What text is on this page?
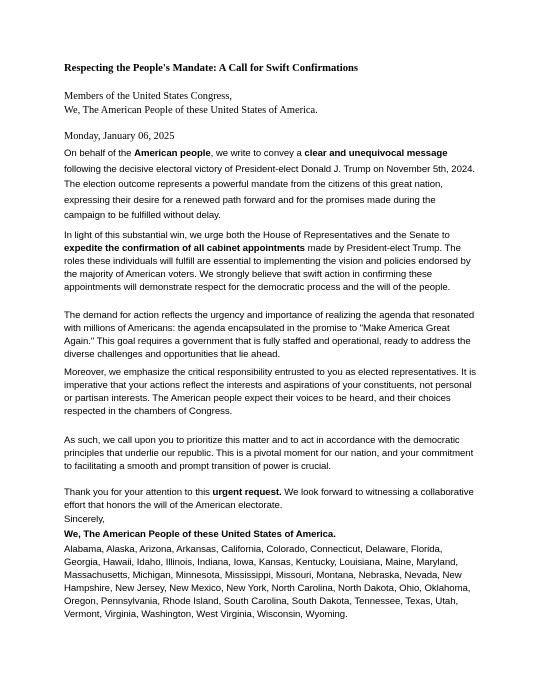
Respecting the People's Mandate: A Call for Swift Confirmations
Members of the United States Congress,
We, The American People of these United States of America.
Monday, January 06, 2025

On behalf of the American people, we write to convey a clear and unequivocal message following the decisive electoral victory of President-elect Donald J. Trump on November 5th, 2024. The election outcome represents a powerful mandate from the citizens of this great nation, expressing their desire for a renewed path forward and for the promises made during the campaign to be fulfilled without delay.

In light of this substantial win, we urge both the House of Representatives and the Senate to expedite the confirmation of all cabinet appointments made by President-elect Trump. The roles these individuals will fulfill are essential to implementing the vision and policies endorsed by the majority of American voters. We strongly believe that swift action in confirming these appointments will demonstrate respect for the democratic process and the will of the people.

The demand for action reflects the urgency and importance of realizing the agenda that resonated with millions of Americans: the agenda encapsulated in the promise to "Make America Great Again." This goal requires a government that is fully staffed and operational, ready to address the diverse challenges and opportunities that lie ahead.

Moreover, we emphasize the critical responsibility entrusted to you as elected representatives. It is imperative that your actions reflect the interests and aspirations of your constituents, not personal or partisan interests. The American people expect their voices to be heard, and their choices respected in the chambers of Congress.

As such, we call upon you to prioritize this matter and to act in accordance with the democratic principles that underlie our republic. This is a pivotal moment for our nation, and your commitment to facilitating a smooth and prompt transition of power is crucial.

Thank you for your attention to this urgent request. We look forward to witnessing a collaborative effort that honors the will of the American electorate.

Sincerely,

We, The American People of these United States of America.

Alabama, Alaska, Arizona, Arkansas, California, Colorado, Connecticut, Delaware, Florida, Georgia, Hawaii, Idaho, Illinois, Indiana, Iowa, Kansas, Kentucky, Louisiana, Maine, Maryland, Massachusetts, Michigan, Minnesota, Mississippi, Missouri, Montana, Nebraska, Nevada, New Hampshire, New Jersey, New Mexico, New York, North Carolina, North Dakota, Ohio, Oklahoma, Oregon, Pennsylvania, Rhode Island, South Carolina, South Dakota, Tennessee, Texas, Utah, Vermont, Virginia, Washington, West Virginia, Wisconsin, Wyoming.
